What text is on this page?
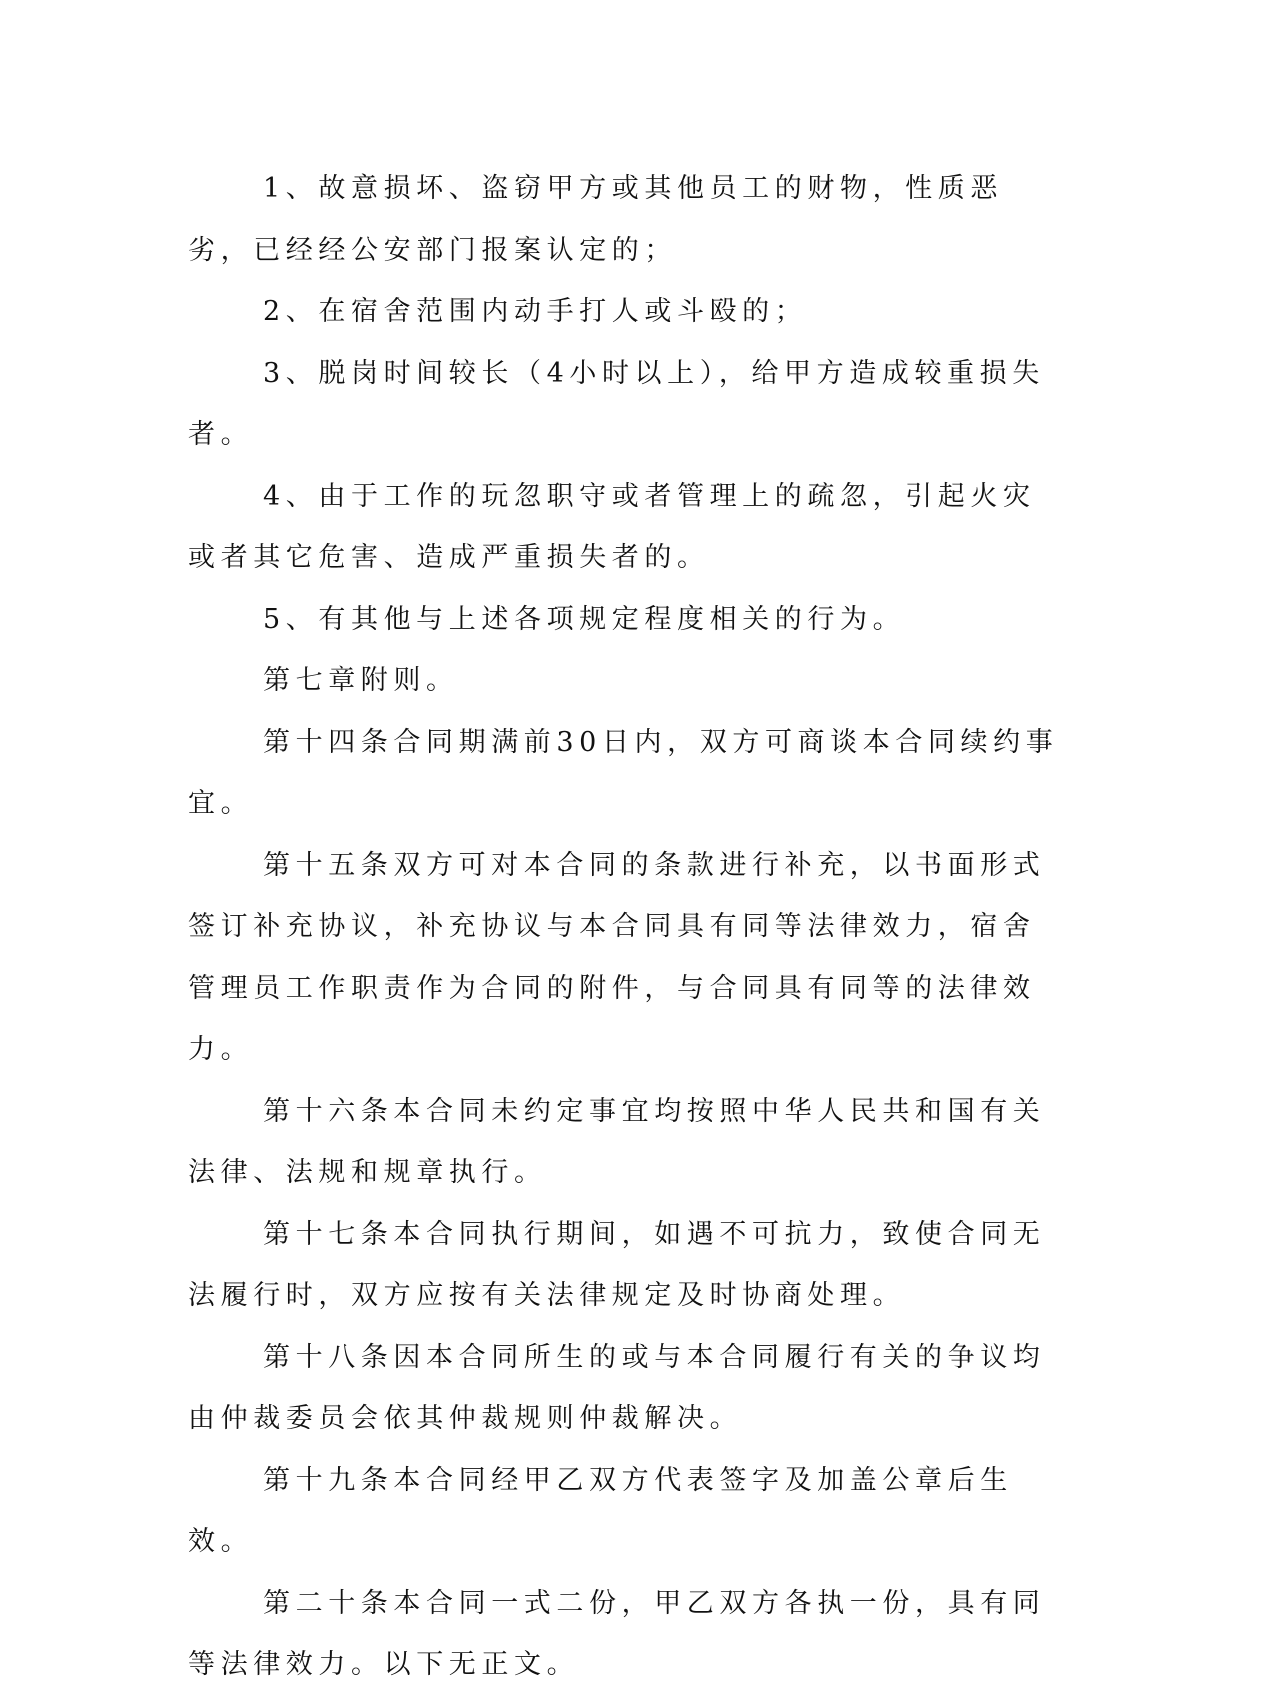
1、故意损坏、盗窃甲方或其他员工的财物，性质恶劣，已经经公安部门报案认定的；

2、在宿舍范围内动手打人或斗殴的；

3、脱岗时间较长（4小时以上），给甲方造成较重损失者。

4、由于工作的玩忽职守或者管理上的疏忽，引起火灾或者其它危害、造成严重损失者的。

5、有其他与上述各项规定程度相关的行为。

第七章附则。

第十四条合同期满前30日内，双方可商谈本合同续约事宜。

第十五条双方可对本合同的条款进行补充，以书面形式签订补充协议，补充协议与本合同具有同等法律效力，宿舍管理员工作职责作为合同的附件，与合同具有同等的法律效力。

第十六条本合同未约定事宜均按照中华人民共和国有关法律、法规和规章执行。

第十七条本合同执行期间，如遇不可抗力，致使合同无法履行时，双方应按有关法律规定及时协商处理。

第十八条因本合同所生的或与本合同履行有关的争议均由仲裁委员会依其仲裁规则仲裁解决。

第十九条本合同经甲乙双方代表签字及加盖公章后生效。

第二十条本合同一式二份，甲乙双方各执一份，具有同等法律效力。以下无正文。
